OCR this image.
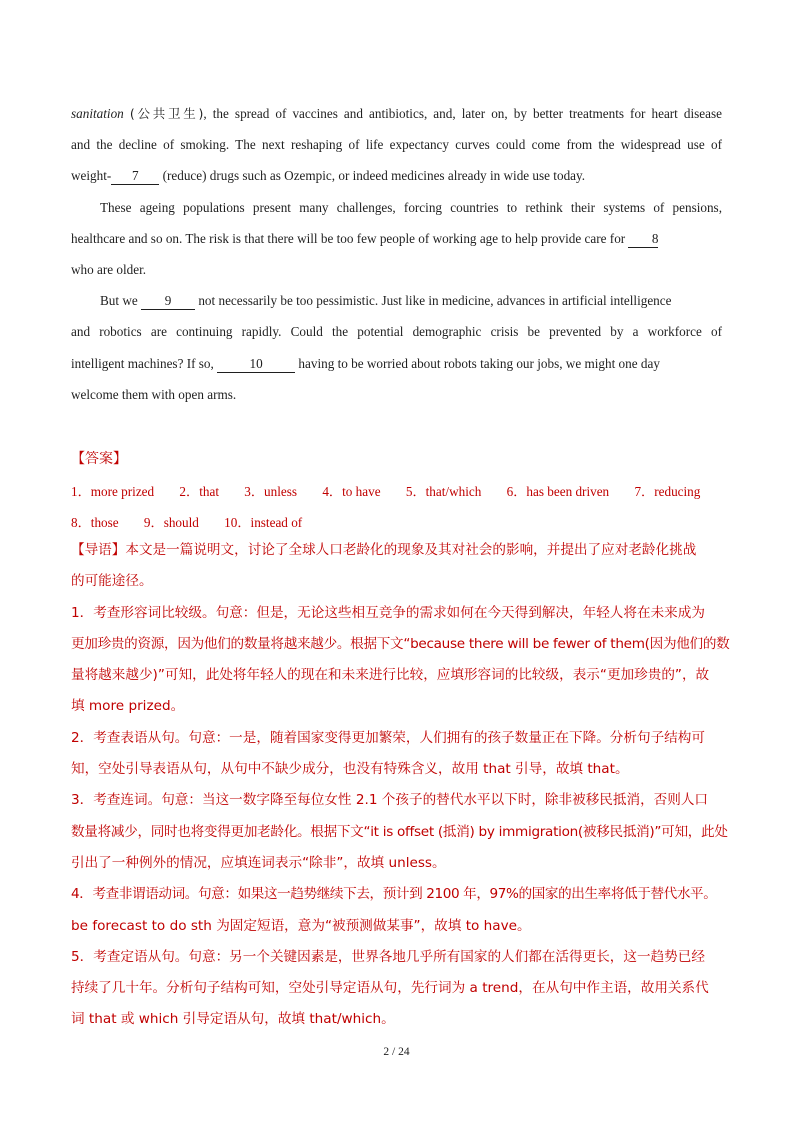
sanitation (公共卫生), the spread of vaccines and antibiotics, and, later on, by better treatments for heart disease
and the decline of smoking. The next reshaping of life expectancy curves could come from the widespread use of
weight- 7 (reduce) drugs such as Ozempic, or indeed medicines already in wide use today.
These ageing populations present many challenges, forcing countries to rethink their systems of pensions,
healthcare and so on. The risk is that there will be too few people of working age to help provide care for 8
who are older.
But we 9 not necessarily be too pessimistic. Just like in medicine, advances in artificial intelligence
and robotics are continuing rapidly. Could the potential demographic crisis be prevented by a workforce of
intelligent machines? If so,	10	having to be worried about robots taking our jobs, we might one day
welcome them with open arms.
【答案】
1．more prized 2．that 3．unless 4．to have 5．that/which 6．has been driven 7．reducing
8．those 9．should 10．instead of
【导语】本文是一篇说明文，讨论了全球人口老龄化的现象及其对社会的影响，并提出了应对老龄化挑战
的可能途径。
1．考查形容词比较级。句意：但是，无论这些相互竞争的需求如何在今天得到解决，年轻人将在未来成为
更加珍贵的资源，因为他们的数量将越来越少。根据下文“because there will be fewer of them(因为他们的数
量将越来越少)”可知，此处将年轻人的现在和未来进行比较，应填形容词的比较级，表示“更加珍贵的”，故
填 more prized。
2．考查表语从句。句意：一是，随着国家变得更加繁荣，人们拥有的孩子数量正在下降。分析句子结构可
知，空处引导表语从句，从句中不缺少成分，也没有特殊含义，故用 that 引导，故填 that。
3．考查连词。句意：当这一数字降至每位女性 2.1 个孩子的替代水平以下时，除非被移民抵消，否则人口
数量将减少，同时也将变得更加老龄化。根据下文“it is offset (抵消) by immigration(被移民抵消)”可知，此处
引出了一种例外的情况，应填连词表示“除非”，故填 unless。
4．考查非谓语动词。句意：如果这一趋势继续下去，预计到 2100 年，97%的国家的出生率将低于替代水平。
be forecast to do sth 为固定短语，意为“被预测做某事”，故填 to have。
5．考查定语从句。句意：另一个关键因素是，世界各地几乎所有国家的人们都在活得更长，这一趋势已经
持续了几十年。分析句子结构可知，空处引导定语从句，先行词为 a trend，在从句中作主语，故用关系代
词 that 或 which 引导定语从句，故填 that/which。
2 / 24
